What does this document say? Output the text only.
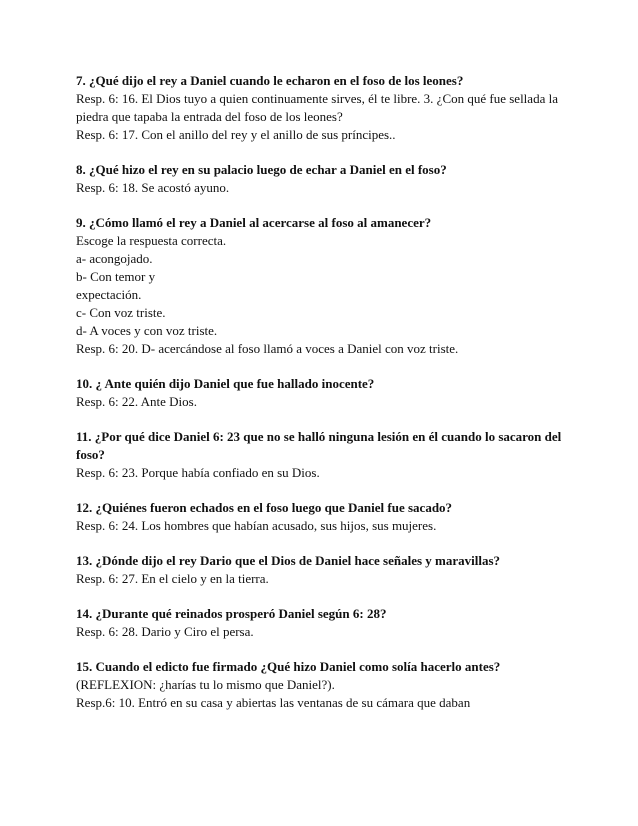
7. ¿Qué dijo el rey a Daniel cuando le echaron en el foso de los leones?

Resp. 6: 16. El Dios tuyo a quien continuamente sirves, él te libre. 3. ¿Con qué fue sellada la piedra que tapaba la entrada del foso de los leones?

Resp. 6: 17. Con el anillo del rey y el anillo de sus príncipes..

8. ¿Qué hizo el rey en su palacio luego de echar a Daniel en el foso?

Resp. 6: 18. Se acostó ayuno.

9. ¿Cómo llamó el rey a Daniel al acercarse al foso al amanecer?

Escoge la respuesta correcta.

a- acongojado.

b- Con temor y

expectación.

c- Con voz triste.

d- A voces y con voz triste.

Resp. 6: 20. D- acercándose al foso llamó a voces a Daniel con voz triste.

10. ¿ Ante quién dijo Daniel que fue hallado inocente?

Resp. 6: 22. Ante Dios.

11. ¿Por qué dice Daniel 6: 23 que no se halló ninguna lesión en él cuando lo sacaron del foso?

Resp. 6: 23. Porque había confiado en su Dios.

12. ¿Quiénes fueron echados en el foso luego que Daniel fue sacado?

Resp. 6: 24. Los hombres que habían acusado, sus hijos, sus mujeres.

13. ¿Dónde dijo el rey Dario que el Dios de Daniel hace señales y maravillas?

Resp. 6: 27. En el cielo y en la tierra.

14. ¿Durante qué reinados prosperó Daniel según 6: 28?

Resp. 6: 28. Dario y Ciro el persa.

15. Cuando el edicto fue firmado ¿Qué hizo Daniel como solía hacerlo antes?

(REFLEXION: ¿harías tu lo mismo que Daniel?).

Resp.6: 10. Entró en su casa y abiertas las ventanas de su cámara que daban
